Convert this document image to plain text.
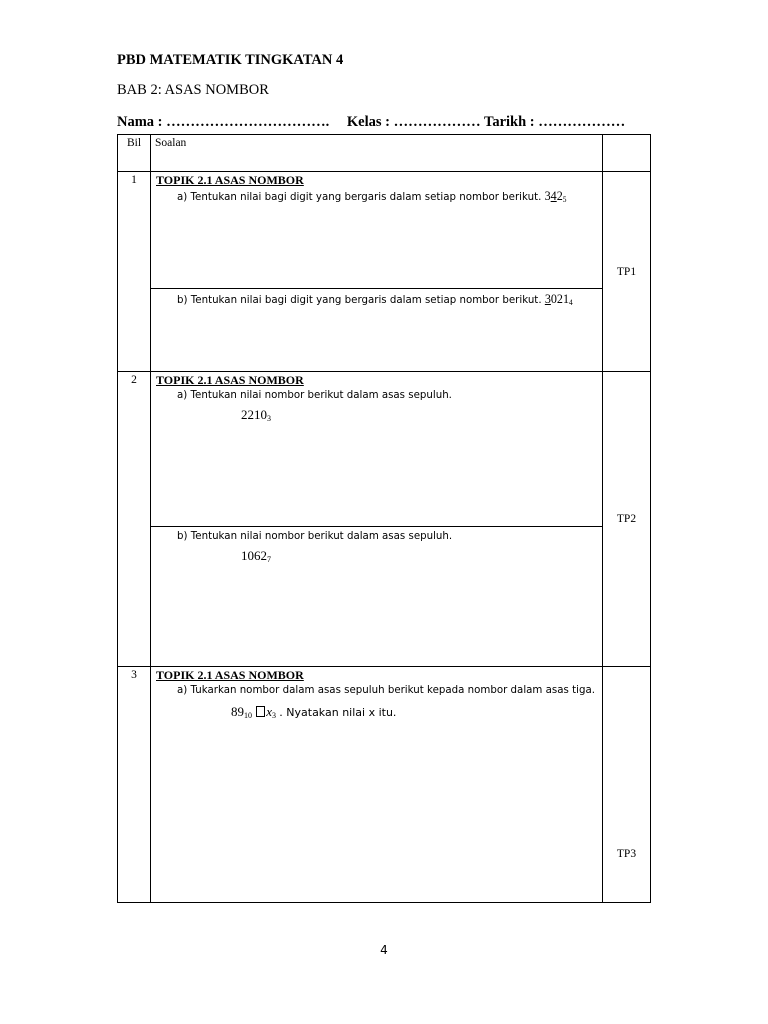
PBD MATEMATIK TINGKATAN 4
BAB 2: ASAS NOMBOR
Nama : ……………………………. Kelas : ……………… Tarikh : ………………
Bil	Soalan	

1	TOPIK 2.1 ASAS NOMBOR
a) Tentukan nilai bagi digit yang bergaris dalam setiap nombor berikut. $342_5$
b) Tentukan nilai bagi digit yang bergaris dalam setiap nombor berikut. $3021_4$	TP1

2	TOPIK 2.1 ASAS NOMBOR
a) Tentukan nilai nombor berikut dalam asas sepuluh.
$2210_3$
b) Tentukan nilai nombor berikut dalam asas sepuluh.
$1062_7$	TP2

3	TOPIK 2.1 ASAS NOMBOR
a) Tukarkan nombor dalam asas sepuluh berikut kepada nombor dalam asas tiga.
$89_{10}$ $x_3$ . Nyatakan nilai x itu.	TP3
4
